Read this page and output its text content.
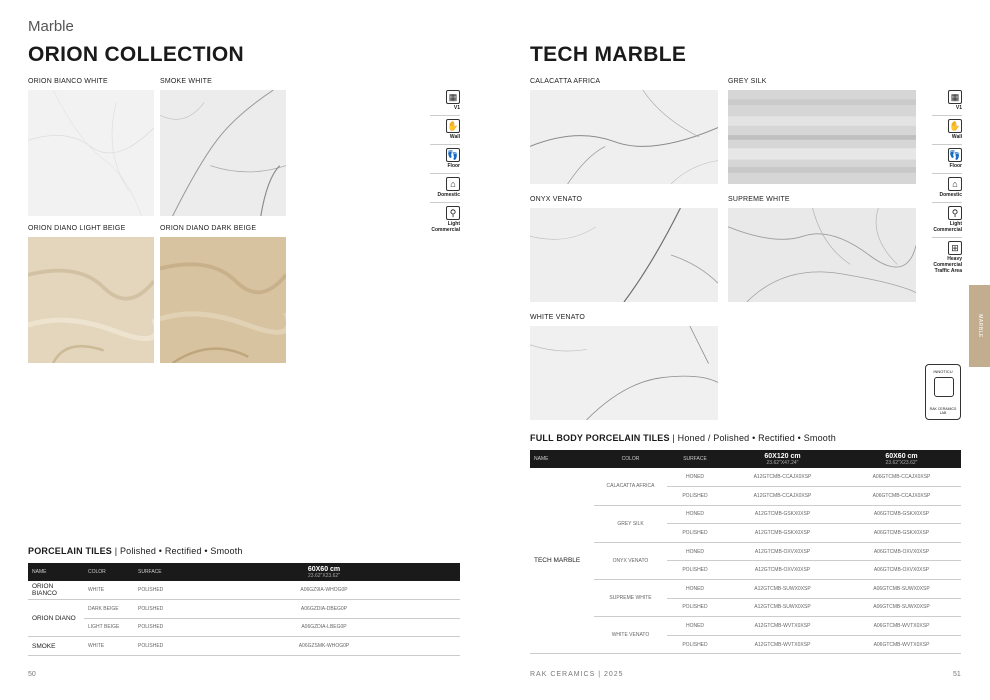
Marble
ORION COLLECTION	TECH MARBLE
ORION BIANCO WHITE	SMOKE WHITE
ORION DIANO LIGHT BEIGE	ORION DIANO DARK BEIGE
▦
V1
✋
Wall
👣
Floor
⌂
Domestic
⚲
Light Commercial
CALACATTA AFRICA	GREY SILK
ONYX VENATO	SUPREME WHITE
WHITE VENATO
▦
V1
✋
Wall
👣
Floor
⌂
Domestic
⚲
Light Commercial
⊞
Heavy Commercial Traffic Area
MARBLE
INNOTICU
RAK CERAMICS LAB
PORCELAIN TILES | Polished • Rectified • Smooth
NAME	COLOR	SURFACE	60X60 cm
23.62"X23.62"

ORION BIANCO	WHITE	POLISHED	A06GZ9IA-WHOG0P
ORION DIANO	DARK BEIGE	POLISHED	A06GZDIA-DBEG0P
	LIGHT BEIGE	POLISHED	A06GZDIA-LBEG0P
SMOKE	WHITE	POLISHED	A06GZSMK-WHOG0P
FULL BODY PORCELAIN TILES | Honed / Polished • Rectified • Smooth
NAME	COLOR	SURFACE	60X120 cm
23.62"X47.24"	60X60 cm
23.62"X23.62"

TECH MARBLE	CALACATTA AFRICA	HONED	A12GTCMB-CCAJX0XSP	A06GTCMB-CCAJX0XSP
		POLISHED	A12GTCMB-CCAJX0XSP	A06GTCMB-CCAJX0XSP
	GREY SILK	HONED	A12GTCMB-GSKX0XSP	A06GTCMB-GSKX0XSP
		POLISHED	A12GTCMB-GSKX0XSP	A06GTCMB-GSKX0XSP
	ONYX VENATO	HONED	A12GTCMB-OXVX0XSP	A06GTCMB-OXVX0XSP
		POLISHED	A12GTCMB-OXVX0XSP	A06GTCMB-OXVX0XSP
	SUPREME WHITE	HONED	A12GTCMB-SUWX0XSP	A06GTCMB-SUWX0XSP
		POLISHED	A12GTCMB-SUWX0XSP	A06GTCMB-SUWX0XSP
	WHITE VENATO	HONED	A12GTCMB-WVTX0XSP	A06GTCMB-WVTX0XSP
		POLISHED	A12GTCMB-WVTX0XSP	A06GTCMB-WVTX0XSP
50	RAK CERAMICS | 2025	51
